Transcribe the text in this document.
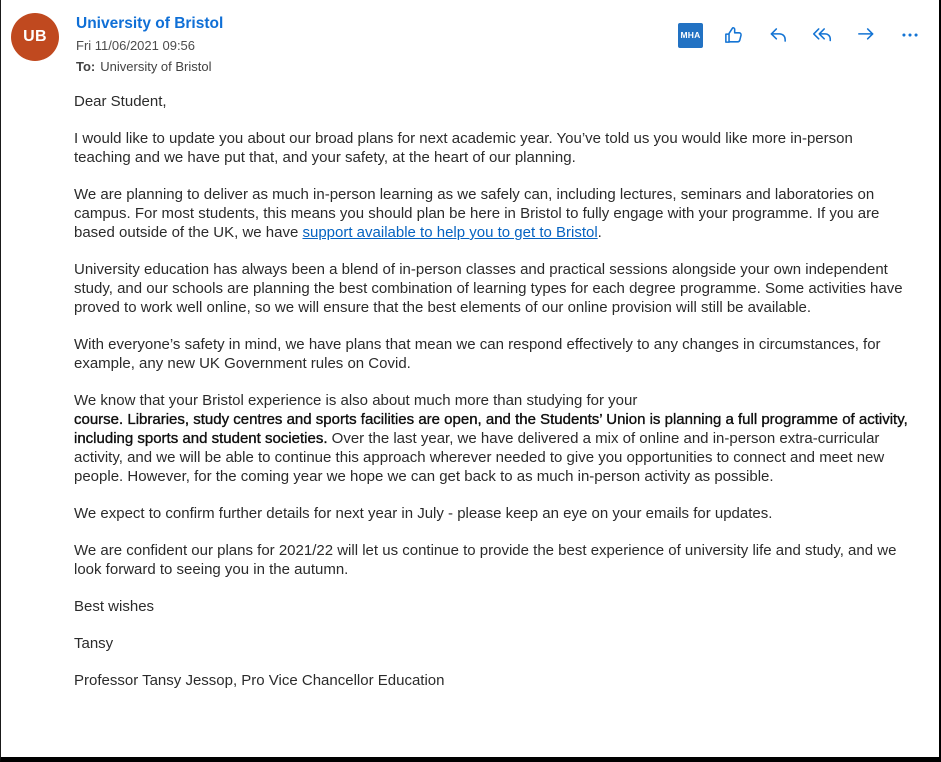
UB
University of Bristol
Fri 11/06/2021 09:56
To: University of Bristol
MHA

Dear Student,

I would like to update you about our broad plans for next academic year. You’ve told us you would like more in-person teaching and we have put that, and your safety, at the heart of our planning.

We are planning to deliver as much in-person learning as we safely can, including lectures, seminars and laboratories on campus. For most students, this means you should plan be here in Bristol to fully engage with your programme. If you are based outside of the UK, we have support available to help you to get to Bristol.

University education has always been a blend of in-person classes and practical sessions alongside your own independent study, and our schools are planning the best combination of learning types for each degree programme. Some activities have proved to work well online, so we will ensure that the best elements of our online provision will still be available.

With everyone’s safety in mind, we have plans that mean we can respond effectively to any changes in circumstances, for example, any new UK Government rules on Covid.

We know that your Bristol experience is also about much more than studying for your
course. Libraries, study centres and sports facilities are open, and the Students’ Union is planning a full programme of activity, including sports and student societies. Over the last year, we have delivered a mix of online and in-person extra-curricular activity, and we will be able to continue this approach wherever needed to give you opportunities to connect and meet new people. However, for the coming year we hope we can get back to as much in-person activity as possible.

We expect to confirm further details for next year in July - please keep an eye on your emails for updates.

We are confident our plans for 2021/22 will let us continue to provide the best experience of university life and study, and we look forward to seeing you in the autumn.

Best wishes

Tansy

Professor Tansy Jessop, Pro Vice Chancellor Education
